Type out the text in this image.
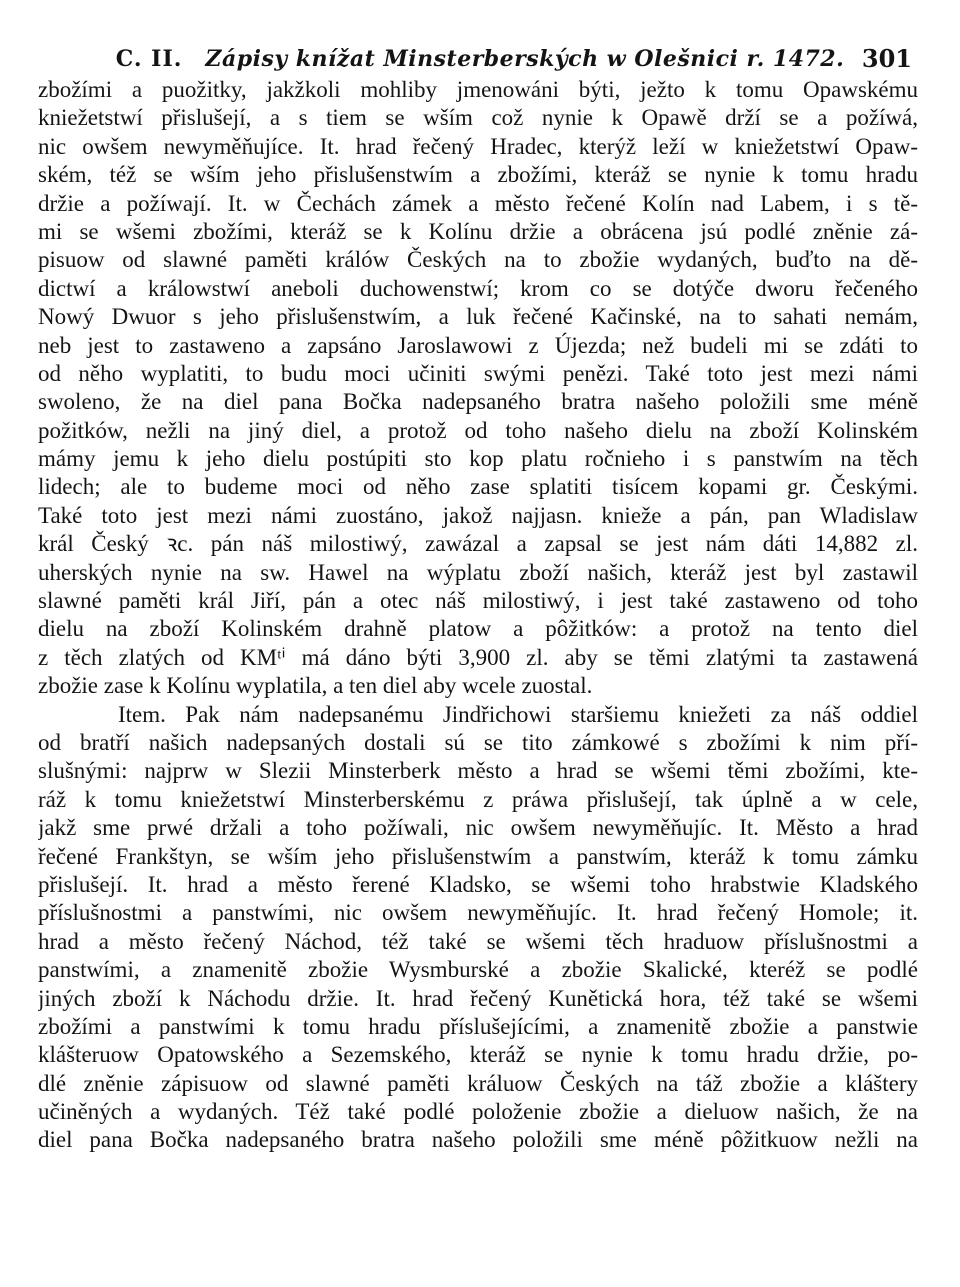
C. II. Zápisy knížat Minsterberských w Olešnici r. 1472. 301
zbožími a puožitky, jakžkoli mohliby jmenowáni býti, ježto k tomu Opawskému
kniežetstwí přislušejí, a s tiem se wším což nynie k Opawě drží se a požíwá,
nic owšem newyměňujíce. It. hrad řečený Hradec, kterýž leží w kniežetstwí Opaw-
ském, též se wším jeho přislušenstwím a zbožími, kteráž se nynie k tomu hradu
držie a požíwají. It. w Čechách zámek a město řečené Kolín nad Labem, i s tě-
mi se wšemi zbožími, kteráž se k Kolínu držie a obrácena jsú podlé zněnie zá-
pisuow od slawné paměti králów Českých na to zbožie wydaných, buďto na dě-
dictwí a králowstwí aneboli duchowenstwí; krom co se dotýče dworu řečeného
Nowý Dwuor s jeho přislušenstwím, a luk řečené Kačinské, na to sahati nemám,
neb jest to zastaweno a zapsáno Jaroslawowi z Újezda; než budeli mi se zdáti to
od něho wyplatiti, to budu moci učiniti swými penězi. Také toto jest mezi námi
swoleno, že na diel pana Bočka nadepsaného bratra našeho položili sme méně
požitków, nežli na jiný diel, a protož od toho našeho dielu na zboží Kolinském
mámy jemu k jeho dielu postúpiti sto kop platu ročnieho i s panstwím na těch
lidech; ale to budeme moci od něho zase splatiti tisícem kopami gr. Českými.
Také toto jest mezi námi zuostáno, jakož najjasn. knieže a pán, pan Wladislaw
král Český ꝛc. pán náš milostiwý, zawázal a zapsal se jest nám dáti 14,882 zl.
uherských nynie na sw. Hawel na wýplatu zboží našich, kteráž jest byl zastawil
slawné paměti král Jiří, pán a otec náš milostiwý, i jest také zastaweno od toho
dielu na zboží Kolinském drahně platow a pôžitków: a protož na tento diel
z těch zlatých od KMᵗⁱ má dáno býti 3,900 zl. aby se těmi zlatými ta zastawená
zbožie zase k Kolínu wyplatila, a ten diel aby wcele zuostal.
Item. Pak nám nadepsanému Jindřichowi staršiemu kniežeti za náš oddiel
od bratří našich nadepsaných dostali sú se tito zámkowé s zbožími k nim pří-
slušnými: najprw w Slezii Minsterberk město a hrad se wšemi těmi zbožími, kte-
ráž k tomu kniežetstwí Minsterberskému z práwa přislušejí, tak úplně a w cele,
jakž sme prwé držali a toho požíwali, nic owšem newyměňujíc. It. Město a hrad
řečené Frankštyn, se wším jeho přislušenstwím a panstwím, kteráž k tomu zámku
přislušejí. It. hrad a město řerené Kladsko, se wšemi toho hrabstwie Kladského
příslušnostmi a panstwími, nic owšem newyměňujíc. It. hrad řečený Homole; it.
hrad a město řečený Náchod, též také se wšemi těch hraduow příslušnostmi a
panstwími, a znamenitě zbožie Wysmburské a zbožie Skalické, kteréž se podlé
jiných zboží k Náchodu držie. It. hrad řečený Kunětická hora, též také se wšemi
zbožími a panstwími k tomu hradu příslušejícími, a znamenitě zbožie a panstwie
klášteruow Opatowského a Sezemského, kteráž se nynie k tomu hradu držie, po-
dlé zněnie zápisuow od slawné paměti králuow Českých na táž zbožie a kláštery
učiněných a wydaných. Též také podlé položenie zbožie a dieluow našich, že na
diel pana Bočka nadepsaného bratra našeho položili sme méně pôžitkuow nežli na
